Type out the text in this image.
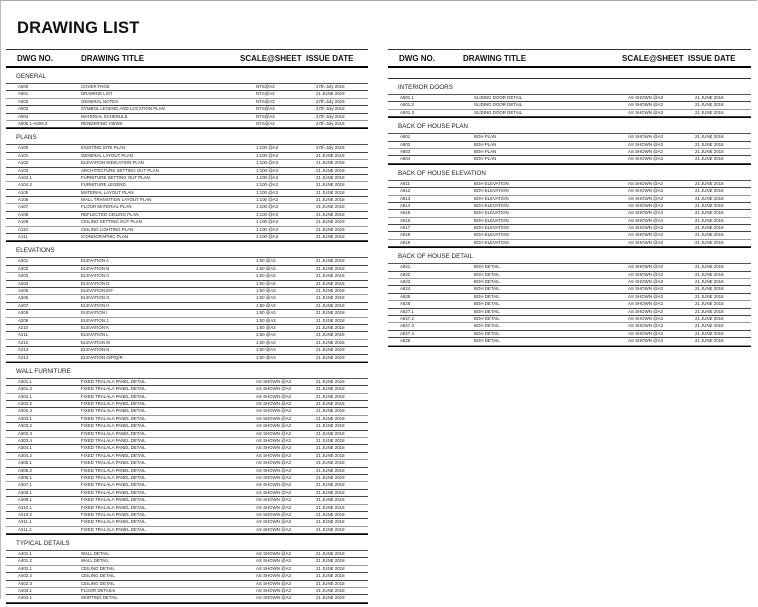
DRAWING LIST
DWG NO.	DRAWING TITLE	SCALE@SHEET ISSUE DATE
GENERAL
A000	COVER PAGE	NTS@A3	27th July 2018
A001	DRAWING LIST	NTS@A3	21 JUNE 2018
A002	GENERAL NOTES	NTS@A3	27th July 2018
A003	SYMBOL LEGEND AND LOCATION PLAN	NTS@A3	27th July 2018
A004	MATERIAL SCHEDULE	NTS@A3	27th July 2018
A005.1-A005.3	RENDERING VIEWS	NTS@A3	27th July 2018
PLANS
A100	EXISTING SITE PLAN	1:100 @A3	27th July 2018
A101	GENERAL LAYOUT PLAN	1:100 @A3	21 JUNE 2018
A102	ELEVATION INDICATION PLAN	1:100 @A3	21 JUNE 2018
A103	ARCHITECTURE SETTING OUT PLAN	1:100 @A3	21 JUNE 2018
A104.1	FURNITURE SETTING OUT PLAN	1:100 @A3	21 JUNE 2018
A104.2	FURNITURE LEGEND	1:100 @A3	21 JUNE 2018
A105	MATERIAL LAYOUT PLAN	1:100 @A3	21 JUNE 2018
A106	WALL TRANSITION LAYOUT PLAN	1:100 @A3	21 JUNE 2018
A107	FLOOR MATERIAL PLAN	1:100 @A3	21 JUNE 2018
A108	REFLECTED CEILING PLAN	1:100 @A3	21 JUNE 2018
A109	CEILING SETTING OUT PLAN	1:100 @A3	21 JUNE 2018
A110	CEILING LIGHTING PLAN	1:100 @A3	21 JUNE 2018
A111	ICONOGRAPHIC PLAN	1:100 @A3	21 JUNE 2018
ELEVATIONS
A201	ELEVATION A	1:50 @A3	21 JUNE 2018
A202	ELEVATION B	1:50 @A3	21 JUNE 2018
A203	ELEVATION C	1:50 @A3	21 JUNE 2018
A204	ELEVATION D	1:50 @A3	21 JUNE 2018
A205	ELEVATION E/F	1:50 @A3	21 JUNE 2018
A206	ELEVATION G	1:50 @A3	21 JUNE 2018
A207	ELEVATION H	1:50 @A3	21 JUNE 2018
A208	ELEVATION I	1:50 @A3	21 JUNE 2018
A209	ELEVATION J	1:50 @A3	21 JUNE 2018
A210	ELEVATION K	1:50 @A3	21 JUNE 2018
A211	ELEVATION L	1:50 @A3	21 JUNE 2018
A212	ELEVATION M	1:50 @A3	21 JUNE 2018
A213	ELEVATION N	1:50 @A3	21 JUNE 2018
A214	ELEVATION O/P/Q/R	1:50 @A3	21 JUNE 2018
WALL FURNITURE
A301.1	FIXED TRALALA PANEL DETAIL	AS SHOWN @A3	21 JUNE 2018
A301.2	FIXED TRALALA PANEL DETAIL	AS SHOWN @A3	21 JUNE 2018
A302.1	FIXED TRALALA PANEL DETAIL	AS SHOWN @A3	21 JUNE 2018
A302.2	FIXED TRALALA PANEL DETAIL	AS SHOWN @A3	21 JUNE 2018
A302.3	FIXED TRALALA PANEL DETAIL	AS SHOWN @A3	21 JUNE 2018
A303.1	FIXED TRALALA PANEL DETAIL	AS SHOWN @A3	21 JUNE 2018
A303.2	FIXED TRALALA PANEL DETAIL	AS SHOWN @A3	21 JUNE 2018
A303.3	FIXED TRALALA PANEL DETAIL	AS SHOWN @A3	21 JUNE 2018
A303.4	FIXED TRALALA PANEL DETAIL	AS SHOWN @A3	21 JUNE 2018
A304.1	FIXED TRALALA PANEL DETAIL	AS SHOWN @A3	21 JUNE 2018
A304.2	FIXED TRALALA PANEL DETAIL	AS SHOWN @A3	21 JUNE 2018
A305.1	FIXED TRALALA PANEL DETAIL	AS SHOWN @A3	21 JUNE 2018
A305.2	FIXED TRALALA PANEL DETAIL	AS SHOWN @A3	21 JUNE 2018
A306.1	FIXED TRALALA PANEL DETAIL	AS SHOWN @A3	21 JUNE 2018
A307.1	FIXED TRALALA PANEL DETAIL	AS SHOWN @A3	21 JUNE 2018
A308.1	FIXED TRALALA PANEL DETAIL	AS SHOWN @A3	21 JUNE 2018
A309.1	FIXED TRALALA PANEL DETAIL	AS SHOWN @A3	21 JUNE 2018
A310.1	FIXED TRALALA PANEL DETAIL	AS SHOWN @A3	21 JUNE 2018
A310.2	FIXED TRALALA PANEL DETAIL	AS SHOWN @A3	21 JUNE 2018
A311.1	FIXED TRALALA PANEL DETAIL	AS SHOWN @A3	21 JUNE 2018
A311.2	FIXED TRALALA PANEL DETAIL	AS SHOWN @A3	21 JUNE 2018
TYPICAL DETAILS
A401.1	WALL DETAIL	AS SHOWN @A3	21 JUNE 2018
A401.2	WALL DETAIL	AS SHOWN @A3	21 JUNE 2018
A402.1	CEILING DETAIL	AS SHOWN @A3	21 JUNE 2018
A402.2	CEILING DETAIL	AS SHOWN @A3	21 JUNE 2018
A402.3	CEILING DETAIL	AS SHOWN @A3	21 JUNE 2018
A403.1	FLOOR DETAILS	AS SHOWN @A3	21 JUNE 2018
A404.1	SKIRTING DETAIL	AS SHOWN @A3	21 JUNE 2018
DWG NO.	DRAWING TITLE	SCALE@SHEET ISSUE DATE
INTERIOR DOORS
A501.1	SLIDING DOOR DETAIL	AS SHOWN @A3	21 JUNE 2018
A501.2	SLIDING DOOR DETAIL	AS SHOWN @A3	21 JUNE 2018
A501.3	SLIDING DOOR DETAIL	AS SHOWN @A3	21 JUNE 2018
BACK OF HOUSE PLAN
A801	BOH PLAN	AS SHOWN @A3	21 JUNE 2018
A802	BOH PLAN	AS SHOWN @A3	21 JUNE 2018
A803	BOH PLAN	AS SHOWN @A3	21 JUNE 2018
A804	BOH PLAN	AS SHOWN @A3	21 JUNE 2018
BACK OF HOUSE ELEVATION
A811	BOH ELEVATION	AS SHOWN @A3	21 JUNE 2018
A812	BOH ELEVATION	AS SHOWN @A3	21 JUNE 2018
A813	BOH ELEVATION	AS SHOWN @A3	21 JUNE 2018
A814	BOH ELEVATION	AS SHOWN @A3	21 JUNE 2018
A815	BOH ELEVATION	AS SHOWN @A3	21 JUNE 2018
A816	BOH ELEVATION	AS SHOWN @A3	21 JUNE 2018
A817	BOH ELEVATION	AS SHOWN @A3	21 JUNE 2018
A818	BOH ELEVATION	AS SHOWN @A3	21 JUNE 2018
A819	BOH ELEVATION	AS SHOWN @A3	21 JUNE 2018
BACK OF HOUSE DETAIL
A821	BOH DETAIL	AS SHOWN @A3	21 JUNE 2018
A822	BOH DETAIL	AS SHOWN @A3	21 JUNE 2018
A823	BOH DETAIL	AS SHOWN @A3	21 JUNE 2018
A824	BOH DETAIL	AS SHOWN @A3	21 JUNE 2018
A825	BOH DETAIL	AS SHOWN @A3	21 JUNE 2018
A826	BOH DETAIL	AS SHOWN @A3	21 JUNE 2018
A827.1	BOH DETAIL	AS SHOWN @A3	21 JUNE 2018
A827.2	BOH DETAIL	AS SHOWN @A3	21 JUNE 2018
A827.3	BOH DETAIL	AS SHOWN @A3	21 JUNE 2018
A827.4	BOH DETAIL	AS SHOWN @A3	21 JUNE 2018
A828	BOH DETAIL	AS SHOWN @A3	21 JUNE 2018
